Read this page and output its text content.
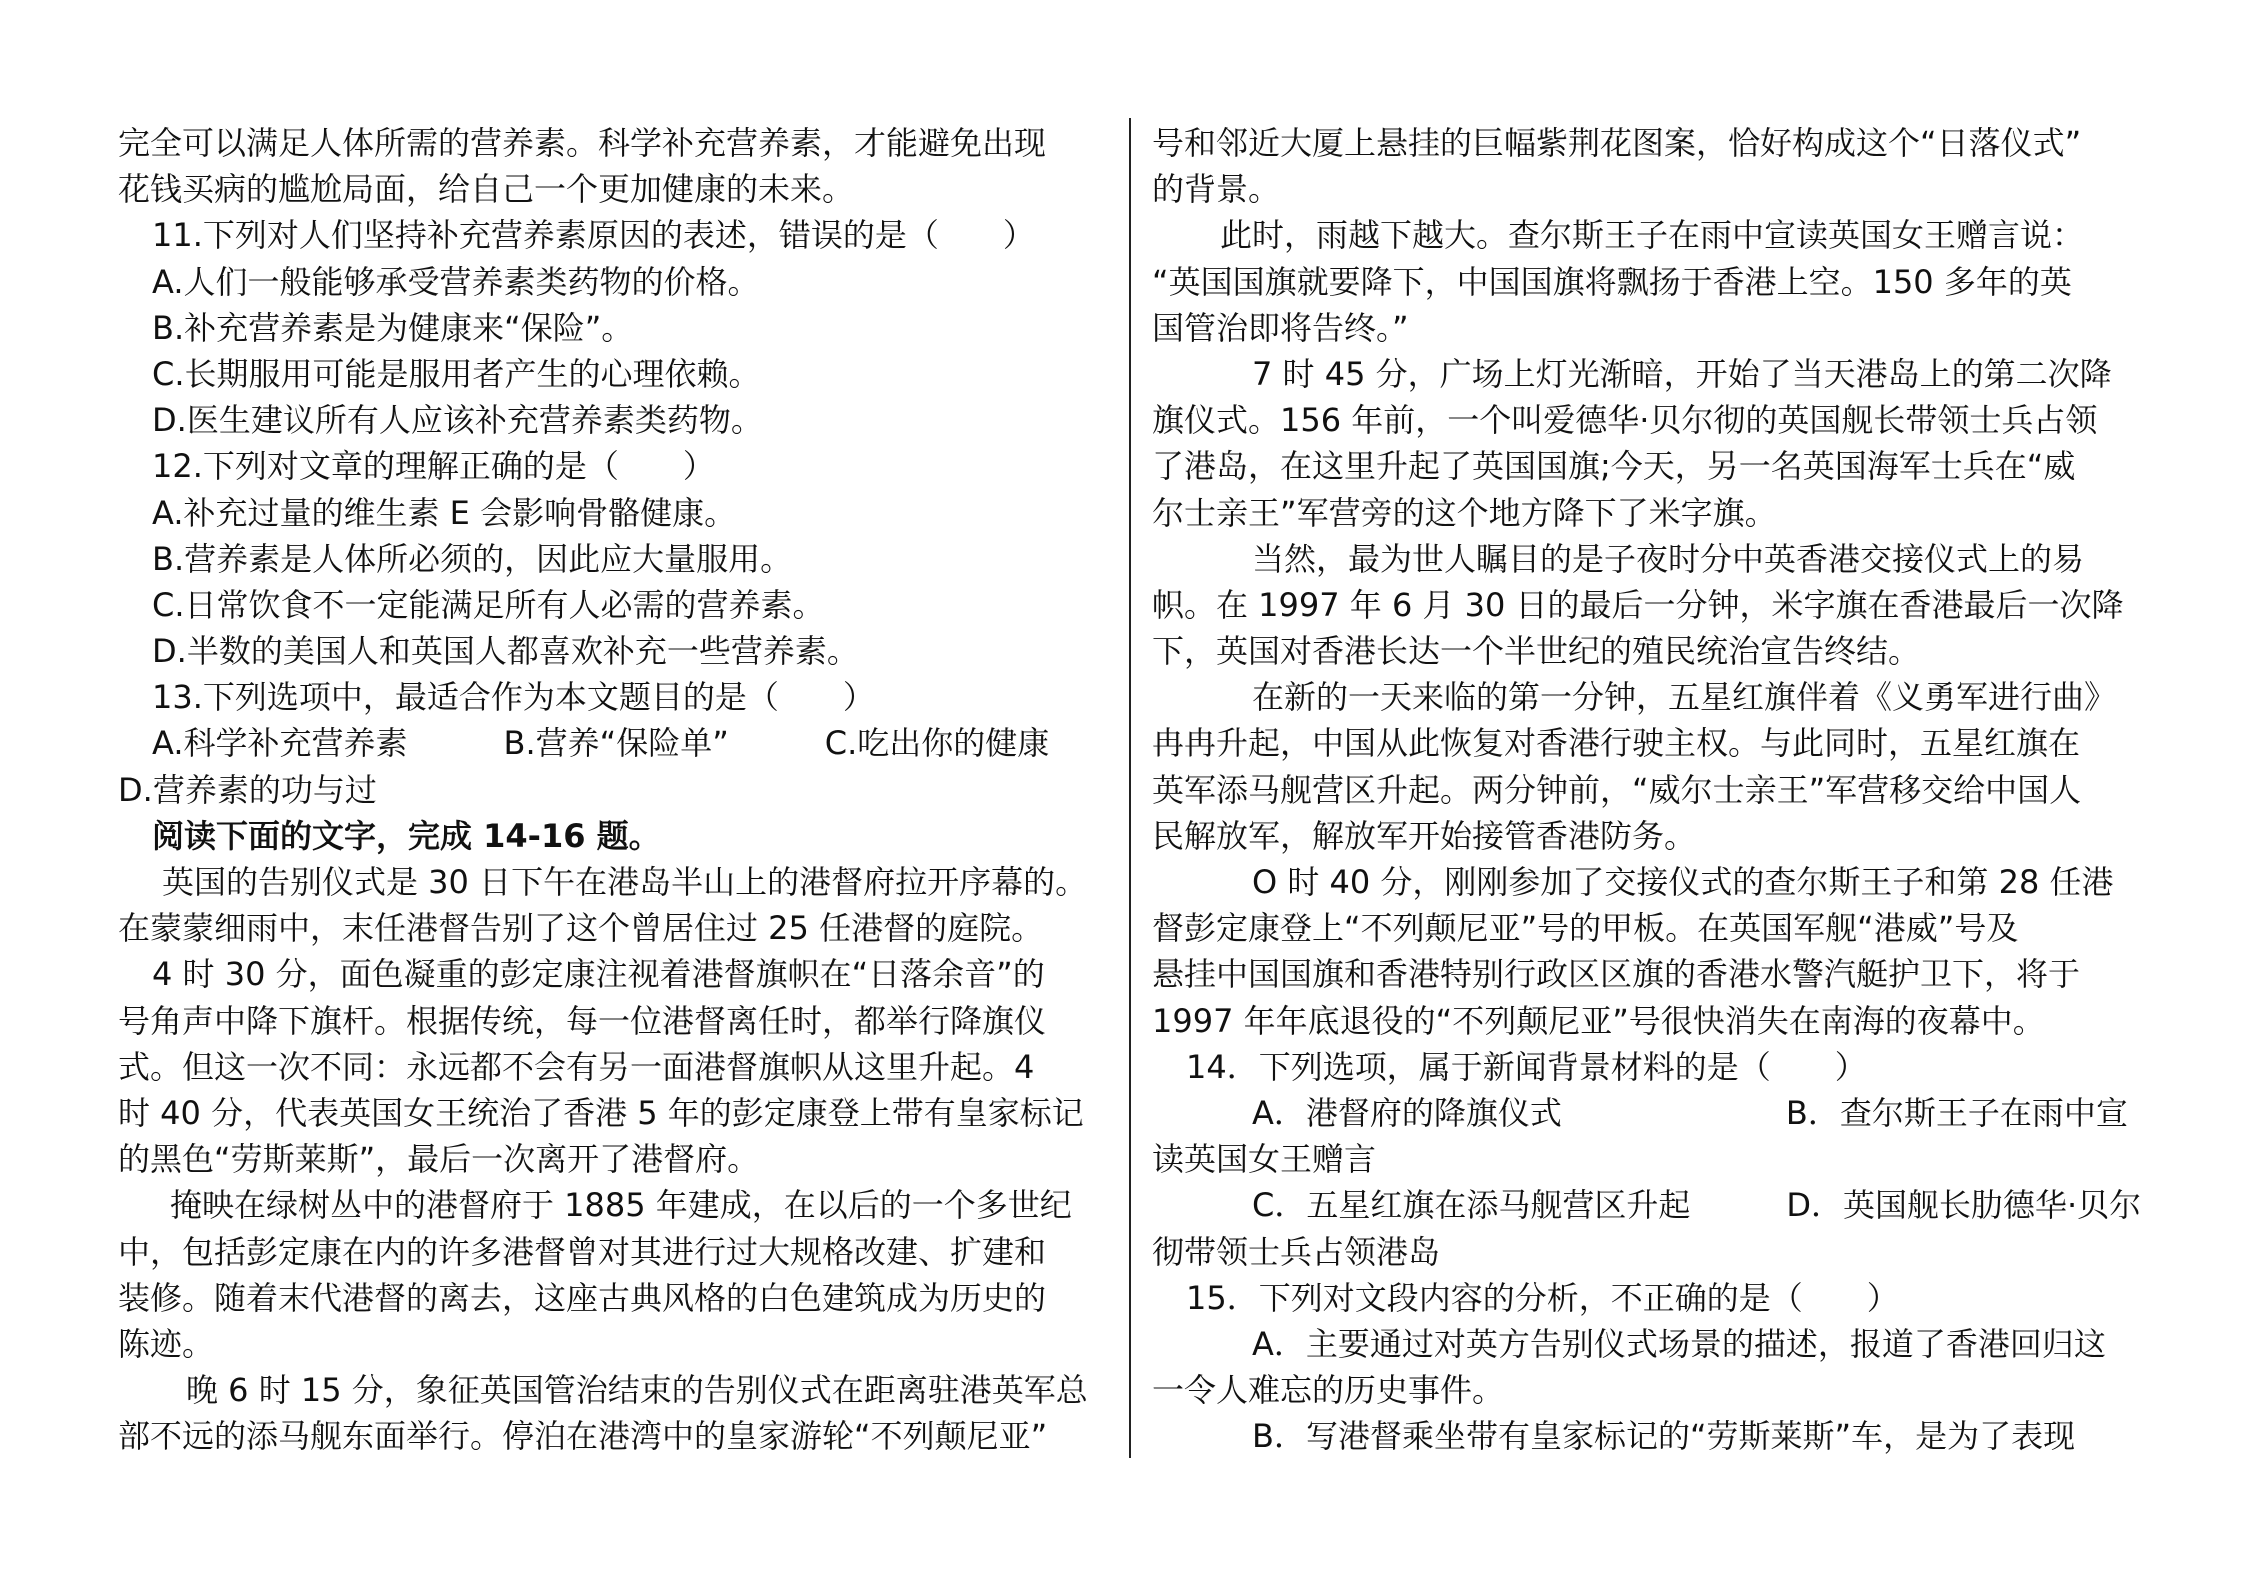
完全可以满足人体所需的营养素。科学补充营养素，才能避免出现
花钱买病的尴尬局面，给自己一个更加健康的未来。
11.下列对人们坚持补充营养素原因的表述，错误的是（　　）
A.人们一般能够承受营养素类药物的价格。
B.补充营养素是为健康来“保险”。
C.长期服用可能是服用者产生的心理依赖。
D.医生建议所有人应该补充营养素类药物。
12.下列对文章的理解正确的是（　　）
A.补充过量的维生素 E 会影响骨骼健康。
B.营养素是人体所必须的，因此应大量服用。
C.日常饮食不一定能满足所有人必需的营养素。
D.半数的美国人和英国人都喜欢补充一些营养素。
13.下列选项中，最适合作为本文题目的是（　　）
A.科学补充营养素　　　B.营养“保险单”　　　C.吃出你的健康
D.营养素的功与过
阅读下面的文字，完成 14-16 题。
英国的告别仪式是 30 日下午在港岛半山上的港督府拉开序幕的。
在蒙蒙细雨中，末任港督告别了这个曾居住过 25 任港督的庭院。
4 时 30 分，面色凝重的彭定康注视着港督旗帜在“日落余音”的
号角声中降下旗杆。根据传统，每一位港督离任时，都举行降旗仪
式。但这一次不同：永远都不会有另一面港督旗帜从这里升起。4
时 40 分，代表英国女王统治了香港 5 年的彭定康登上带有皇家标记
的黑色“劳斯莱斯”，最后一次离开了港督府。
掩映在绿树丛中的港督府于 1885 年建成，在以后的一个多世纪
中，包括彭定康在内的许多港督曾对其进行过大规格改建、扩建和
装修。随着末代港督的离去，这座古典风格的白色建筑成为历史的
陈迹。
晚 6 时 15 分，象征英国管治结束的告别仪式在距离驻港英军总
部不远的添马舰东面举行。停泊在港湾中的皇家游轮“不列颠尼亚”
号和邻近大厦上悬挂的巨幅紫荆花图案，恰好构成这个“日落仪式”
的背景。
此时，雨越下越大。查尔斯王子在雨中宣读英国女王赠言说：
“英国国旗就要降下，中国国旗将飘扬于香港上空。150 多年的英
国管治即将告终。”
7 时 45 分，广场上灯光渐暗，开始了当天港岛上的第二次降
旗仪式。156 年前，一个叫爱德华·贝尔彻的英国舰长带领士兵占领
了港岛，在这里升起了英国国旗;今天，另一名英国海军士兵在“威
尔士亲王”军营旁的这个地方降下了米字旗。
当然，最为世人瞩目的是子夜时分中英香港交接仪式上的易
帜。在 1997 年 6 月 30 日的最后一分钟，米字旗在香港最后一次降
下，英国对香港长达一个半世纪的殖民统治宣告终结。
在新的一天来临的第一分钟，五星红旗伴着《义勇军进行曲》
冉冉升起，中国从此恢复对香港行驶主权。与此同时，五星红旗在
英军添马舰营区升起。两分钟前，“威尔士亲王”军营移交给中国人
民解放军，解放军开始接管香港防务。
O 时 40 分，刚刚参加了交接仪式的查尔斯王子和第 28 任港
督彭定康登上“不列颠尼亚”号的甲板。在英国军舰“港威”号及
悬挂中国国旗和香港特别行政区区旗的香港水警汽艇护卫下，将于
1997 年年底退役的“不列颠尼亚”号很快消失在南海的夜幕中。
14．下列选项，属于新闻背景材料的是（　　）
A．港督府的降旗仪式　　　　　　　B．查尔斯王子在雨中宣
读英国女王赠言
C．五星红旗在添马舰营区升起　　　D．英国舰长肋德华·贝尔
彻带领士兵占领港岛
15．下列对文段内容的分析，不正确的是（　　）
A．主要通过对英方告别仪式场景的描述，报道了香港回归这
一令人难忘的历史事件。
B．写港督乘坐带有皇家标记的“劳斯莱斯”车，是为了表现
